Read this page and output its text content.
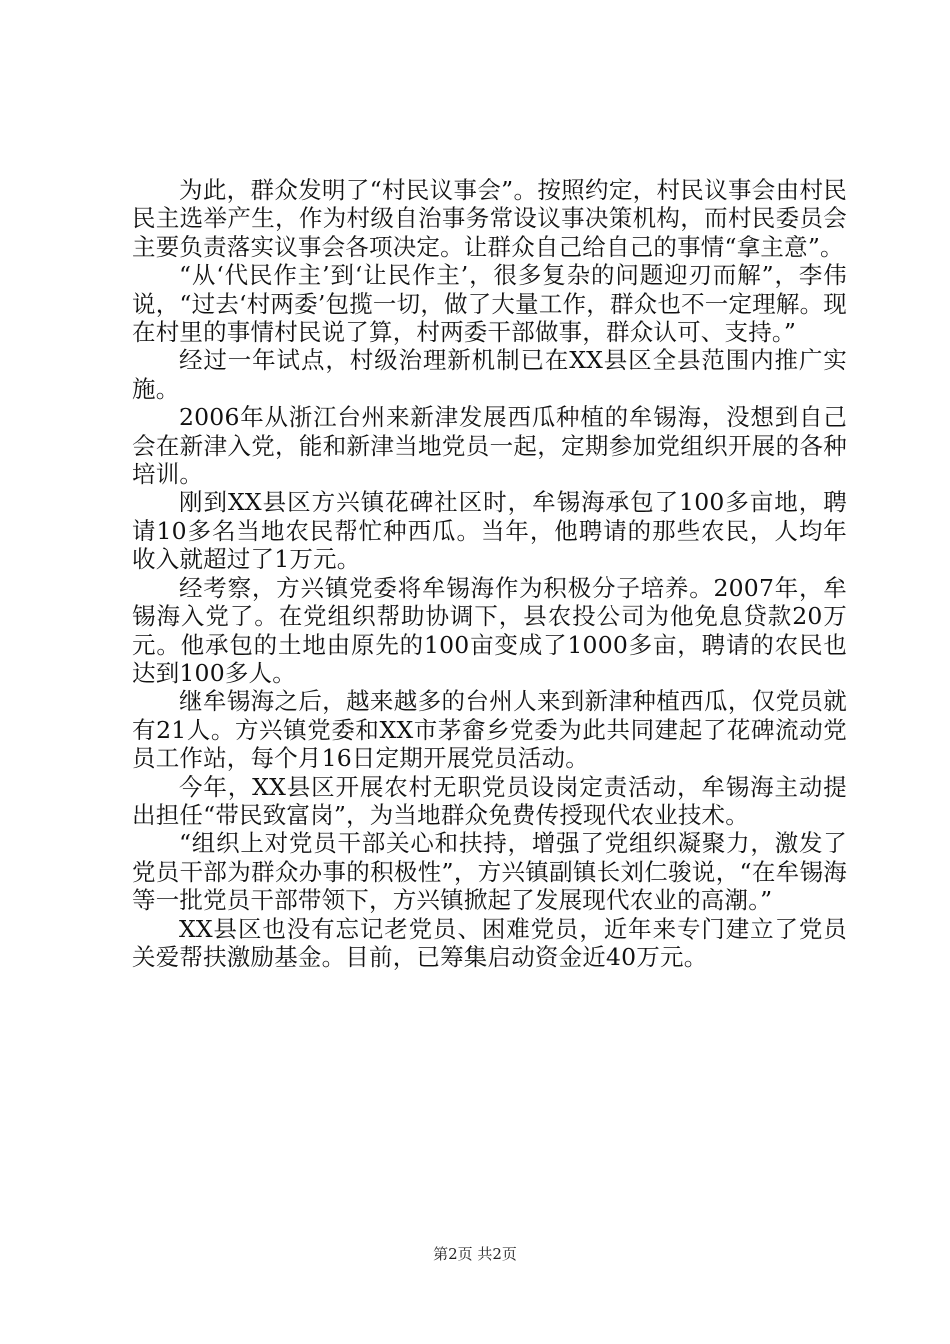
为此，群众发明了“村民议事会”。按照约定，村民议事会由村民民主选举产生，作为村级自治事务常设议事决策机构，而村民委员会主要负责落实议事会各项决定。让群众自己给自己的事情“拿主意”。

“从‘代民作主’到‘让民作主’，很多复杂的问题迎刃而解”，李伟说，“过去‘村两委’包揽一切，做了大量工作，群众也不一定理解。现在村里的事情村民说了算，村两委干部做事，群众认可、支持。”

经过一年试点，村级治理新机制已在XX县区全县范围内推广实施。

2006年从浙江台州来新津发展西瓜种植的牟锡海，没想到自己会在新津入党，能和新津当地党员一起，定期参加党组织开展的各种培训。

刚到XX县区方兴镇花碑社区时，牟锡海承包了100多亩地，聘请10多名当地农民帮忙种西瓜。当年，他聘请的那些农民，人均年收入就超过了1万元。

经考察，方兴镇党委将牟锡海作为积极分子培养。2007年，牟锡海入党了。在党组织帮助协调下，县农投公司为他免息贷款20万元。他承包的土地由原先的100亩变成了1000多亩，聘请的农民也达到100多人。

继牟锡海之后，越来越多的台州人来到新津种植西瓜，仅党员就有21人。方兴镇党委和XX市茅畲乡党委为此共同建起了花碑流动党员工作站，每个月16日定期开展党员活动。

今年，XX县区开展农村无职党员设岗定责活动，牟锡海主动提出担任“带民致富岗”，为当地群众免费传授现代农业技术。

“组织上对党员干部关心和扶持，增强了党组织凝聚力，激发了党员干部为群众办事的积极性”，方兴镇副镇长刘仁骏说，“在牟锡海等一批党员干部带领下，方兴镇掀起了发展现代农业的高潮。”

XX县区也没有忘记老党员、困难党员，近年来专门建立了党员关爱帮扶激励基金。目前，已筹集启动资金近40万元。

第2页 共2页
